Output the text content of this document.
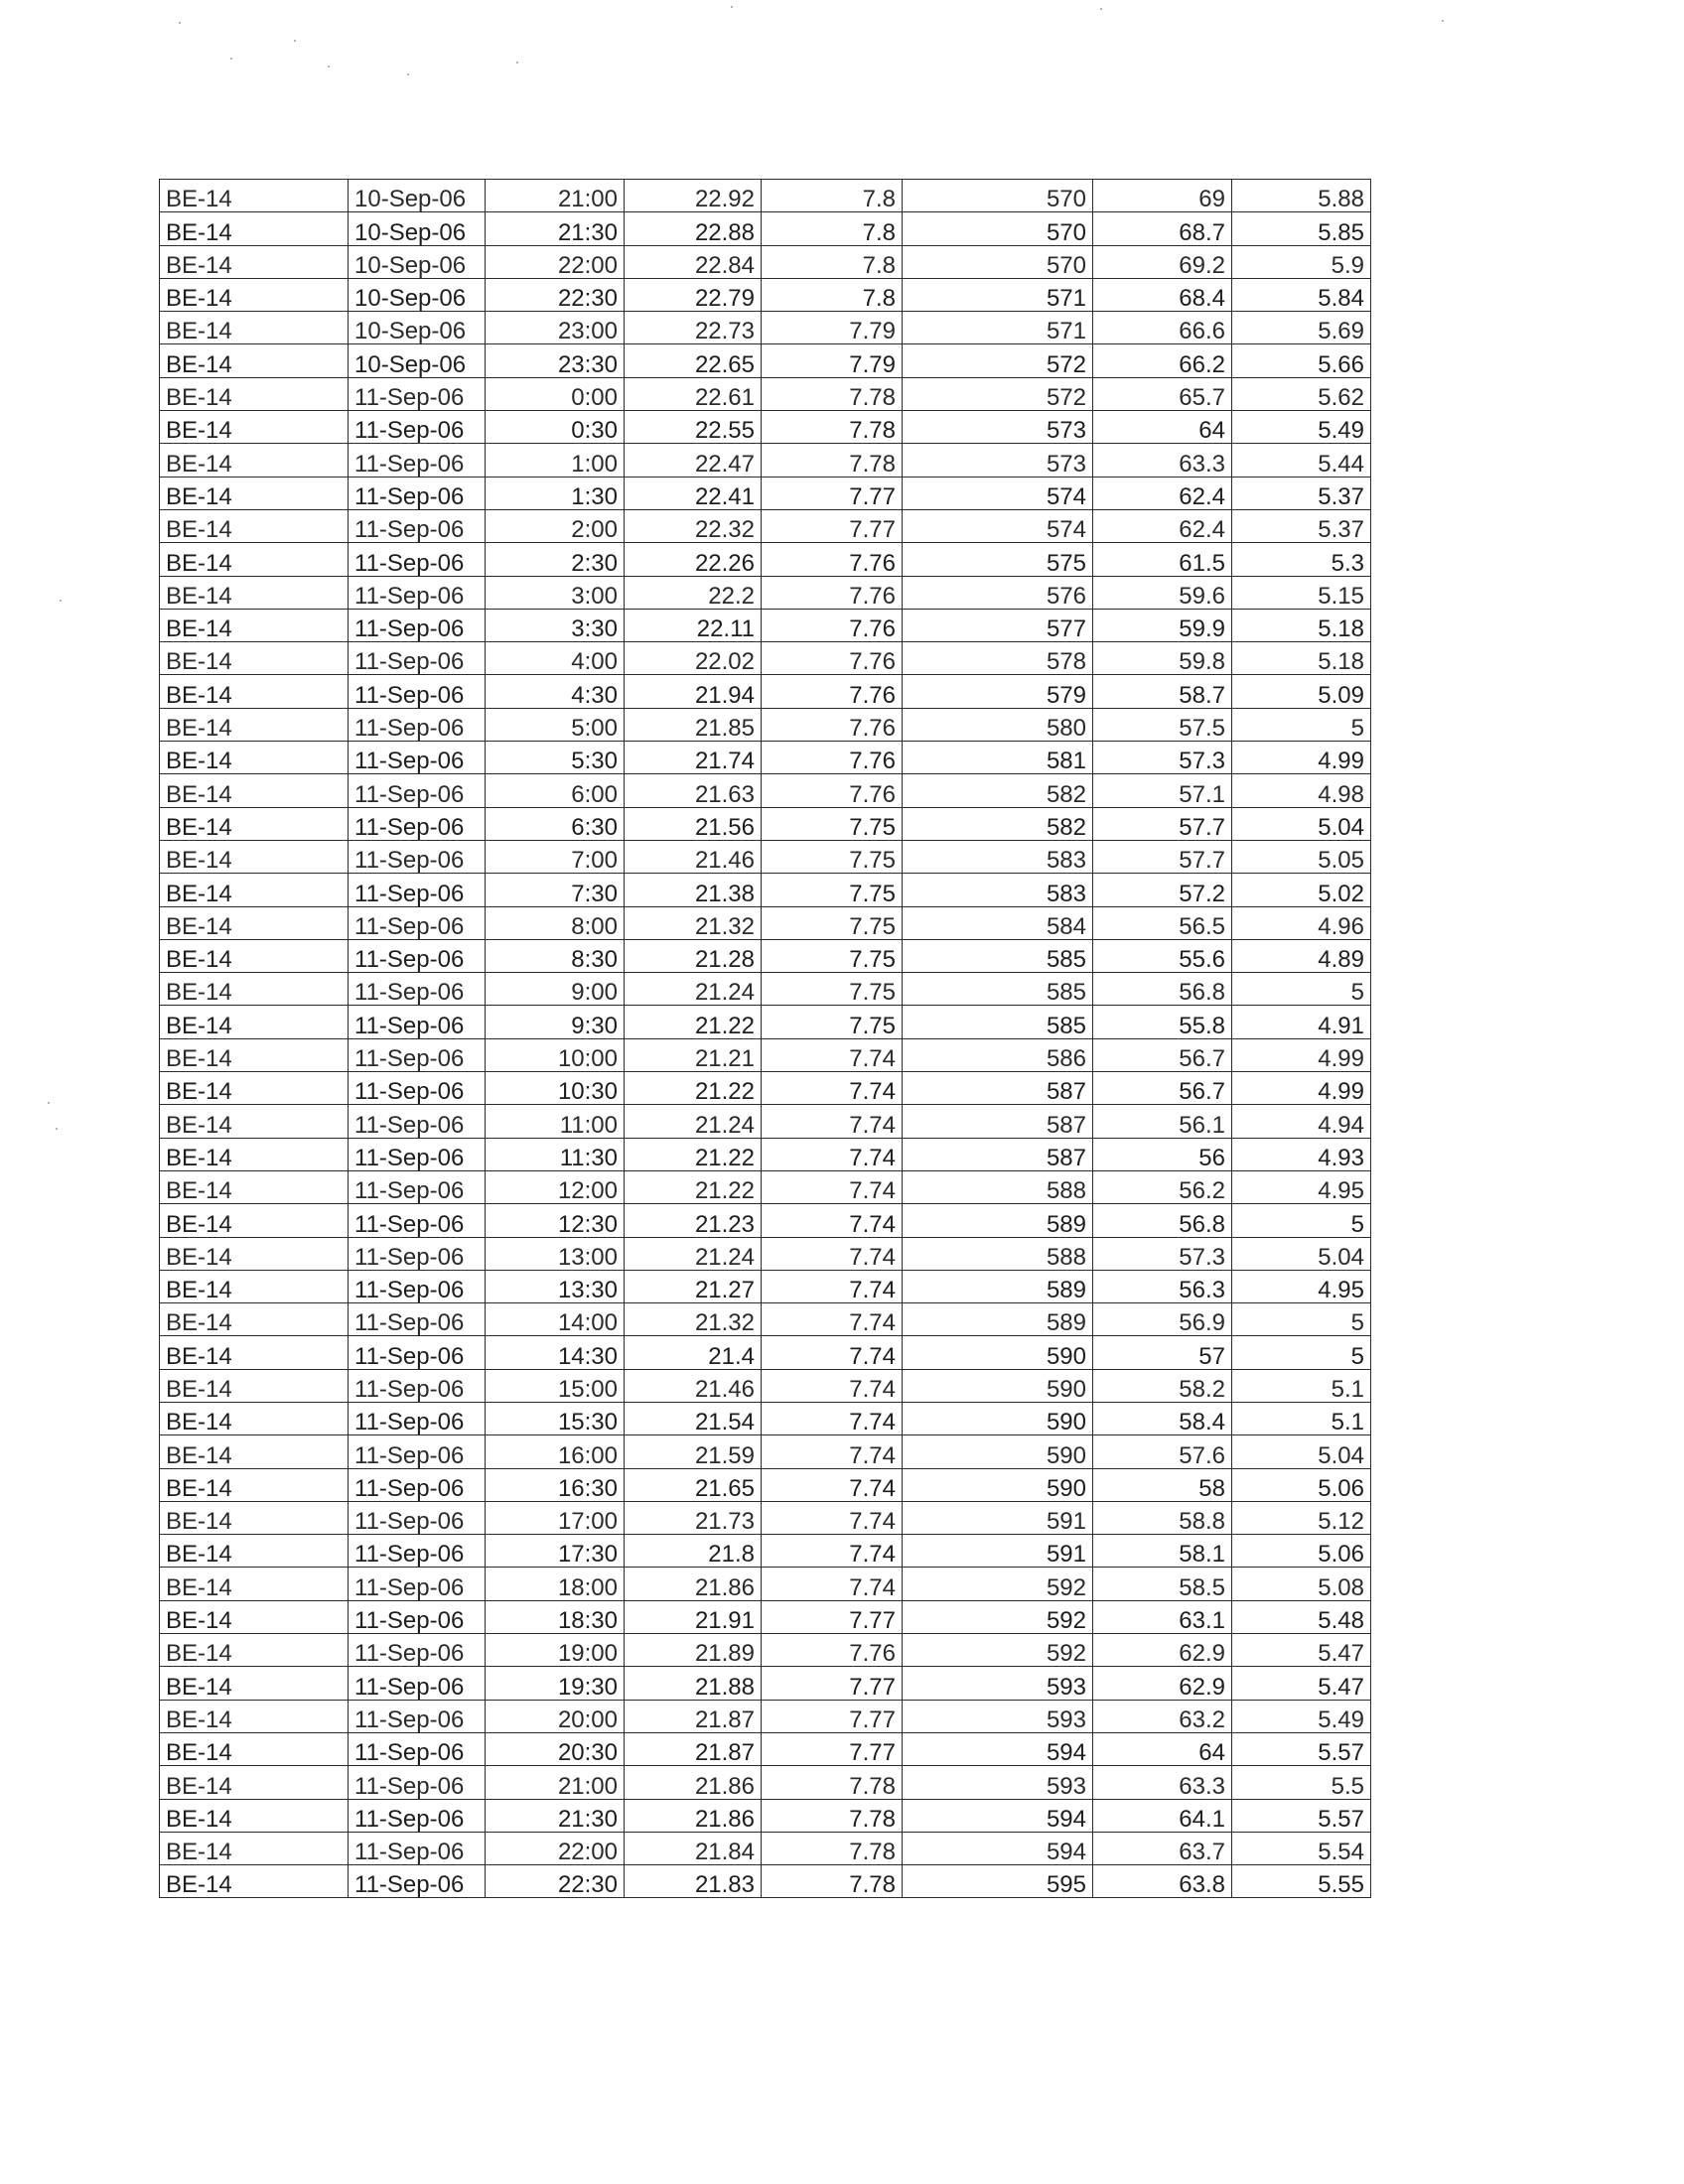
BE-14	10-Sep-06	21:00	22.92	7.8	570	69	5.88
BE-14	10-Sep-06	21:30	22.88	7.8	570	68.7	5.85
BE-14	10-Sep-06	22:00	22.84	7.8	570	69.2	5.9
BE-14	10-Sep-06	22:30	22.79	7.8	571	68.4	5.84
BE-14	10-Sep-06	23:00	22.73	7.79	571	66.6	5.69
BE-14	10-Sep-06	23:30	22.65	7.79	572	66.2	5.66
BE-14	11-Sep-06	0:00	22.61	7.78	572	65.7	5.62
BE-14	11-Sep-06	0:30	22.55	7.78	573	64	5.49
BE-14	11-Sep-06	1:00	22.47	7.78	573	63.3	5.44
BE-14	11-Sep-06	1:30	22.41	7.77	574	62.4	5.37
BE-14	11-Sep-06	2:00	22.32	7.77	574	62.4	5.37
BE-14	11-Sep-06	2:30	22.26	7.76	575	61.5	5.3
BE-14	11-Sep-06	3:00	22.2	7.76	576	59.6	5.15
BE-14	11-Sep-06	3:30	22.11	7.76	577	59.9	5.18
BE-14	11-Sep-06	4:00	22.02	7.76	578	59.8	5.18
BE-14	11-Sep-06	4:30	21.94	7.76	579	58.7	5.09
BE-14	11-Sep-06	5:00	21.85	7.76	580	57.5	5
BE-14	11-Sep-06	5:30	21.74	7.76	581	57.3	4.99
BE-14	11-Sep-06	6:00	21.63	7.76	582	57.1	4.98
BE-14	11-Sep-06	6:30	21.56	7.75	582	57.7	5.04
BE-14	11-Sep-06	7:00	21.46	7.75	583	57.7	5.05
BE-14	11-Sep-06	7:30	21.38	7.75	583	57.2	5.02
BE-14	11-Sep-06	8:00	21.32	7.75	584	56.5	4.96
BE-14	11-Sep-06	8:30	21.28	7.75	585	55.6	4.89
BE-14	11-Sep-06	9:00	21.24	7.75	585	56.8	5
BE-14	11-Sep-06	9:30	21.22	7.75	585	55.8	4.91
BE-14	11-Sep-06	10:00	21.21	7.74	586	56.7	4.99
BE-14	11-Sep-06	10:30	21.22	7.74	587	56.7	4.99
BE-14	11-Sep-06	11:00	21.24	7.74	587	56.1	4.94
BE-14	11-Sep-06	11:30	21.22	7.74	587	56	4.93
BE-14	11-Sep-06	12:00	21.22	7.74	588	56.2	4.95
BE-14	11-Sep-06	12:30	21.23	7.74	589	56.8	5
BE-14	11-Sep-06	13:00	21.24	7.74	588	57.3	5.04
BE-14	11-Sep-06	13:30	21.27	7.74	589	56.3	4.95
BE-14	11-Sep-06	14:00	21.32	7.74	589	56.9	5
BE-14	11-Sep-06	14:30	21.4	7.74	590	57	5
BE-14	11-Sep-06	15:00	21.46	7.74	590	58.2	5.1
BE-14	11-Sep-06	15:30	21.54	7.74	590	58.4	5.1
BE-14	11-Sep-06	16:00	21.59	7.74	590	57.6	5.04
BE-14	11-Sep-06	16:30	21.65	7.74	590	58	5.06
BE-14	11-Sep-06	17:00	21.73	7.74	591	58.8	5.12
BE-14	11-Sep-06	17:30	21.8	7.74	591	58.1	5.06
BE-14	11-Sep-06	18:00	21.86	7.74	592	58.5	5.08
BE-14	11-Sep-06	18:30	21.91	7.77	592	63.1	5.48
BE-14	11-Sep-06	19:00	21.89	7.76	592	62.9	5.47
BE-14	11-Sep-06	19:30	21.88	7.77	593	62.9	5.47
BE-14	11-Sep-06	20:00	21.87	7.77	593	63.2	5.49
BE-14	11-Sep-06	20:30	21.87	7.77	594	64	5.57
BE-14	11-Sep-06	21:00	21.86	7.78	593	63.3	5.5
BE-14	11-Sep-06	21:30	21.86	7.78	594	64.1	5.57
BE-14	11-Sep-06	22:00	21.84	7.78	594	63.7	5.54
BE-14	11-Sep-06	22:30	21.83	7.78	595	63.8	5.55
